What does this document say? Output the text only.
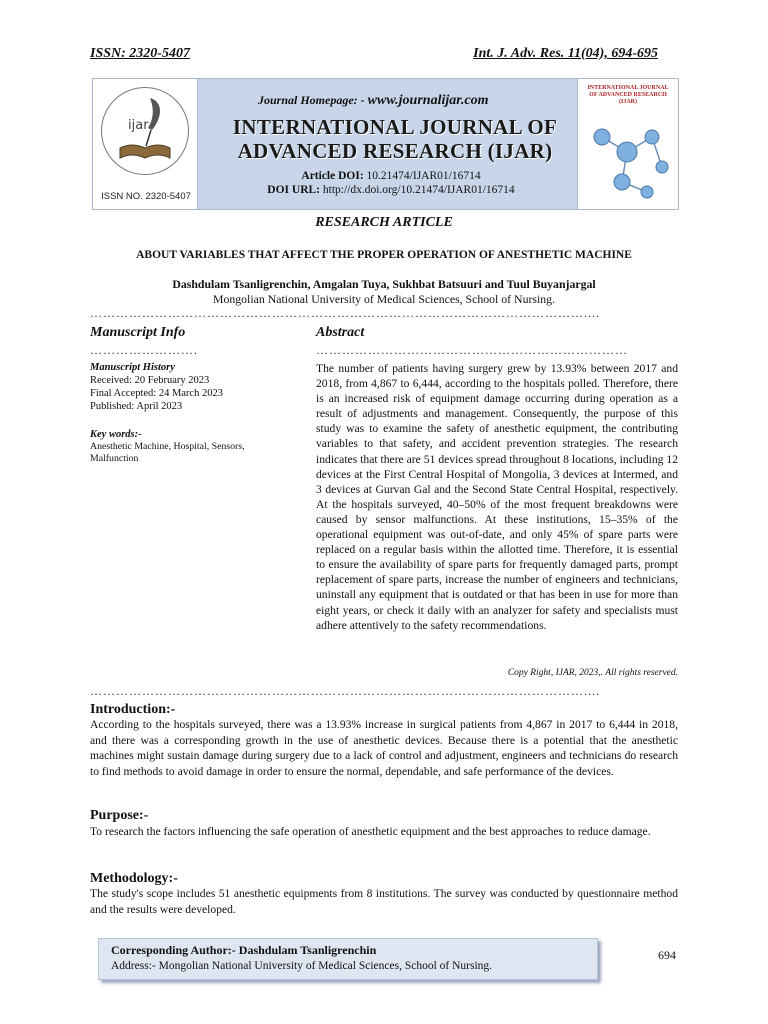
ISSN: 2320-5407	Int. J. Adv. Res. 11(04), 694-695
ijar
ISSN NO. 2320-5407
Journal Homepage: - www.journalijar.com
INTERNATIONAL JOURNAL OF
ADVANCED RESEARCH (IJAR)
Article DOI: 10.21474/IJAR01/16714
DOI URL: http://dx.doi.org/10.21474/IJAR01/16714
INTERNATIONAL JOURNAL OF ADVANCED RESEARCH (IJAR)
RESEARCH ARTICLE
ABOUT VARIABLES THAT AFFECT THE PROPER OPERATION OF ANESTHETIC MACHINE
Dashdulam Tsanligrenchin, Amgalan Tuya, Sukhbat Batsuuri and Tuul Buyanjargal
Mongolian National University of Medical Sciences, School of Nursing.
……………………………………………………………………………………………………....
Manuscript Info
…………………….
Manuscript History
Received: 20 February 2023
Final Accepted: 24 March 2023
Published: April 2023
Key words:-
Anesthetic Machine, Hospital, Sensors, Malfunction
Abstract
………………………………………………………………
The number of patients having surgery grew by 13.93% between 2017 and 2018, from 4,867 to 6,444, according to the hospitals polled. Therefore, there is an increased risk of equipment damage occurring during operation as a result of adjustments and management. Consequently, the purpose of this study was to examine the safety of anesthetic equipment, the contributing variables to that safety, and accident prevention strategies. The research indicates that there are 51 devices spread throughout 8 locations, including 12 devices at the First Central Hospital of Mongolia, 3 devices at Intermed, and 3 devices at Gurvan Gal and the Second State Central Hospital, respectively. At the hospitals surveyed, 40–50% of the most frequent breakdowns were caused by sensor malfunctions. At these institutions, 15–35% of the operational equipment was out-of-date, and only 45% of spare parts were replaced on a regular basis within the allotted time. Therefore, it is essential to ensure the availability of spare parts for frequently damaged parts, prompt replacement of spare parts, increase the number of engineers and technicians, uninstall any equipment that is outdated or that has been in use for more than eight years, or check it daily with an analyzer for safety and specialists must adhere attentively to the safety recommendations.
Copy Right, IJAR, 2023,. All rights reserved.
……………………………………………………………………………………………………....
Introduction:-
According to the hospitals surveyed, there was a 13.93% increase in surgical patients from 4,867 in 2017 to 6,444 in 2018, and there was a corresponding growth in the use of anesthetic devices. Because there is a potential that the anesthetic machines might sustain damage during surgery due to a lack of control and adjustment, engineers and technicians do research to find methods to avoid damage in order to ensure the normal, dependable, and safe performance of the devices.
Purpose:-
To research the factors influencing the safe operation of anesthetic equipment and the best approaches to reduce damage.
Methodology:-
The study's scope includes 51 anesthetic equipments from 8 institutions. The survey was conducted by questionnaire method and the results were developed.
Corresponding Author:- Dashdulam Tsanligrenchin
Address:- Mongolian National University of Medical Sciences, School of Nursing.
694
